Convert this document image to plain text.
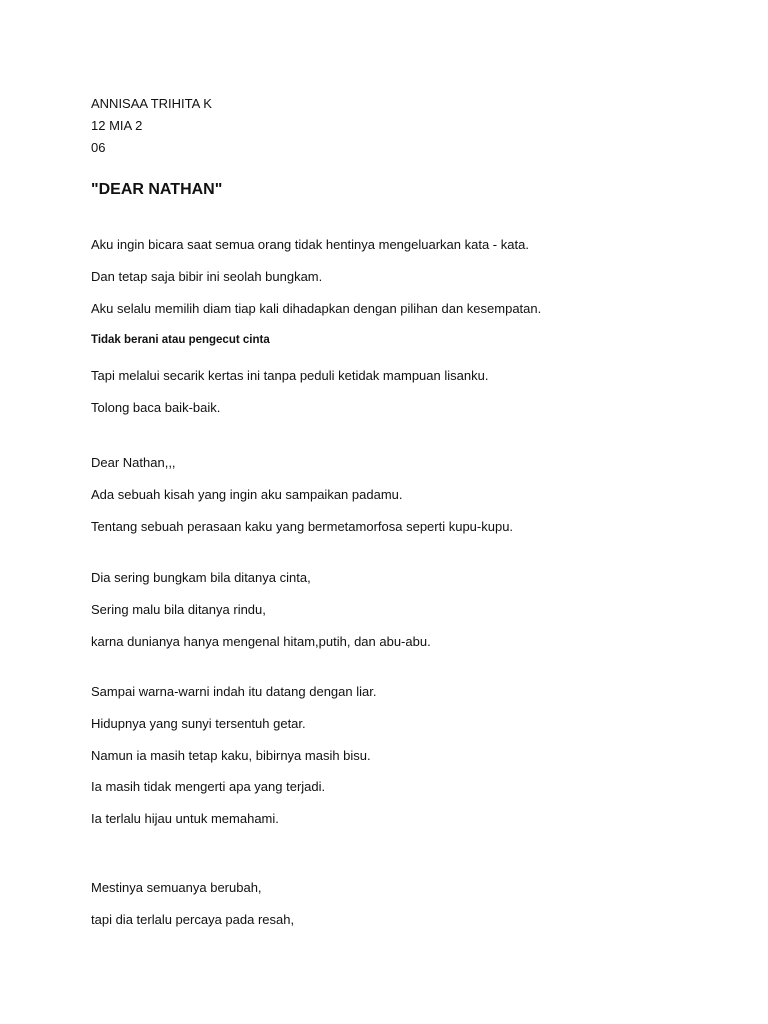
ANNISAA TRIHITA K
12 MIA 2
06
"DEAR NATHAN"
Aku ingin bicara saat semua orang tidak hentinya mengeluarkan kata - kata.
Dan tetap saja bibir ini seolah bungkam.
Aku selalu memilih diam tiap kali dihadapkan dengan pilihan dan kesempatan.
Tidak berani atau pengecut cinta
Tapi melalui secarik kertas ini tanpa peduli ketidak mampuan lisanku.
Tolong baca baik-baik.
Dear Nathan,,,
Ada sebuah kisah yang ingin aku sampaikan padamu.
Tentang sebuah perasaan kaku yang bermetamorfosa seperti kupu-kupu.
Dia sering bungkam bila ditanya cinta,
Sering malu bila ditanya rindu,
karna dunianya hanya mengenal hitam,putih, dan abu-abu.
Sampai warna-warni indah itu datang dengan liar.
Hidupnya yang sunyi tersentuh getar.
Namun ia masih tetap kaku, bibirnya masih bisu.
Ia masih tidak mengerti apa yang terjadi.
Ia terlalu hijau untuk memahami.
Mestinya semuanya berubah,
tapi dia terlalu percaya pada resah,
